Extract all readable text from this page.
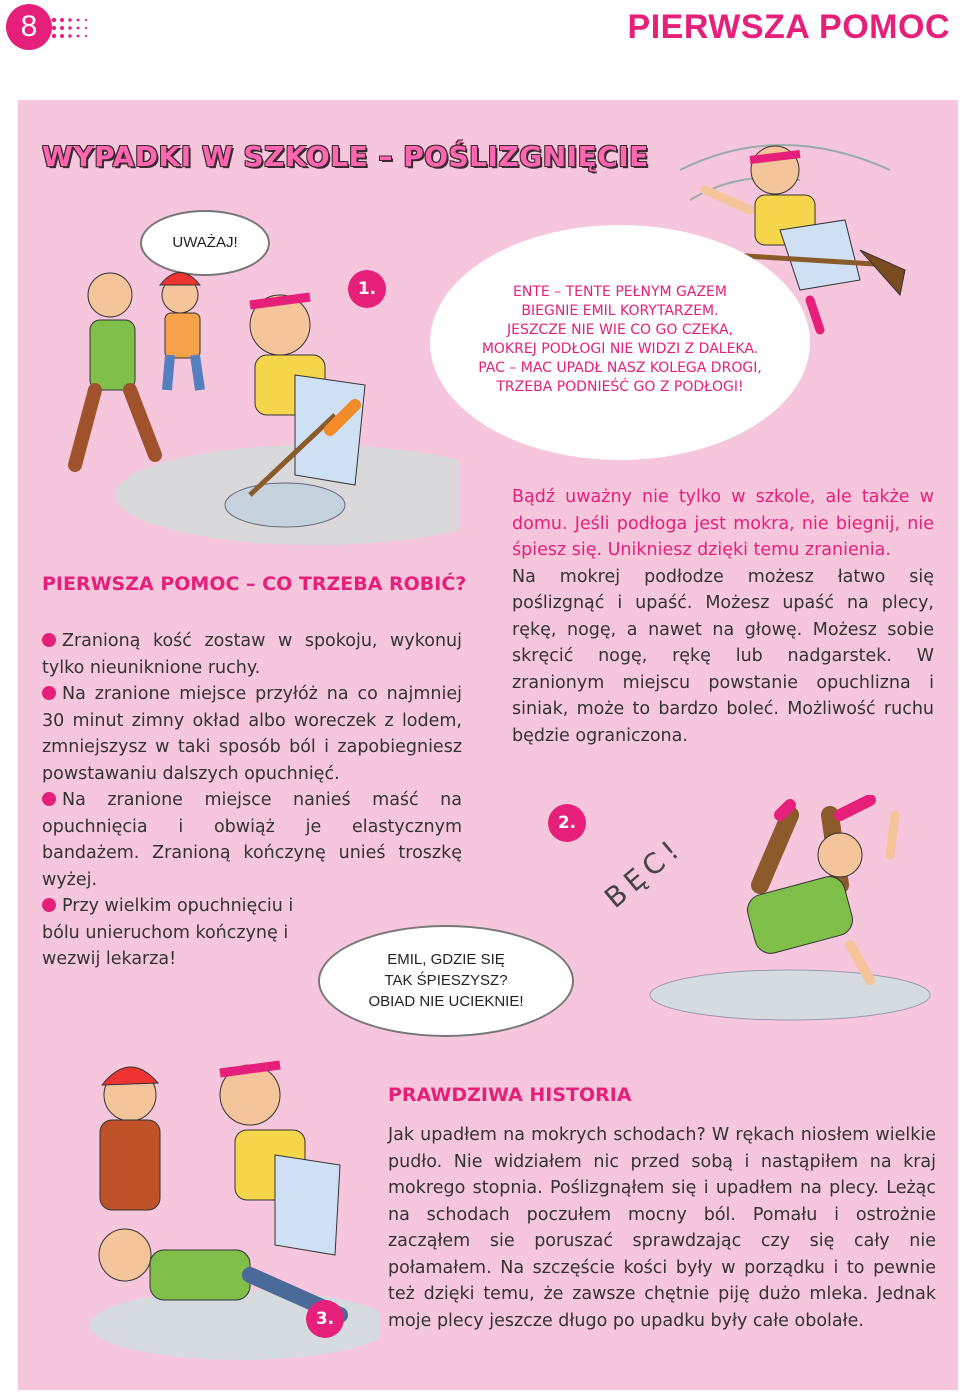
8	PIERWSZA POMOC
WYPADKI W SZKOLE – POŚLIZGNIĘCIE
UWAŻAJ!
1.	ENTE – TENTE PEŁNYM GAZEM
BIEGNIE EMIL KORYTARZEM.
JESZCZE NIE WIE CO GO CZEKA,
MOKREJ PODŁOGI NIE WIDZI Z DALEKA.
PAC – MAC UPADŁ NASZ KOLEGA DROGI,
TRZEBA PODNIEŚĆ GO Z PODŁOGI!
PIERWSZA POMOC – CO TRZEBA ROBIĆ?

Zranioną kość zostaw w spokoju, wykonuj tylko nieuniknione ruchy.

Na zranione miejsce przyłóż na co najmniej 30 minut zimny okład albo woreczek z lodem, zmniejszysz w taki sposób ból i zapobiegniesz powstawaniu dalszych opuchnięć.

Na zranione miejsce nanieś maść na opuchnięcia i obwiąż je elastycznym bandażem. Zranioną kończynę unieś troszkę wyżej.

Przy wielkim opuchnięciu i bólu unieruchom kończynę i wezwij lekarza!

Bądź uważny nie tylko w szkole, ale także w domu. Jeśli podłoga jest mokra, nie biegnij, nie śpiesz się. Unikniesz dzięki temu zranienia.

Na mokrej podłodze możesz łatwo się poślizgnąć i upaść. Możesz upaść na plecy, rękę, nogę, a nawet na głowę. Możesz sobie skręcić nogę, rękę lub nadgarstek. W zranionym miejscu powstanie opuchlizna i siniak, może to bardzo boleć. Możliwość ruchu będzie ograniczona.

2.
BĘC!
EMIL, GDZIE SIĘ
TAK ŚPIESZYSZ?
OBIAD NIE UCIEKNIE!
3.
PRAWDZIWA HISTORIA

Jak upadłem na mokrych schodach? W rękach niosłem wielkie pudło. Nie widziałem nic przed sobą i nastąpiłem na kraj mokrego stopnia. Poślizgnąłem się i upadłem na plecy. Leżąc na schodach poczułem mocny ból. Pomału i ostrożnie zacząłem sie poruszać sprawdzając czy się cały nie połamałem. Na szczęście kości były w porządku i to pewnie też dzięki temu, że zawsze chętnie piję dużo mleka. Jednak moje plecy jeszcze długo po upadku były całe obolałe.
